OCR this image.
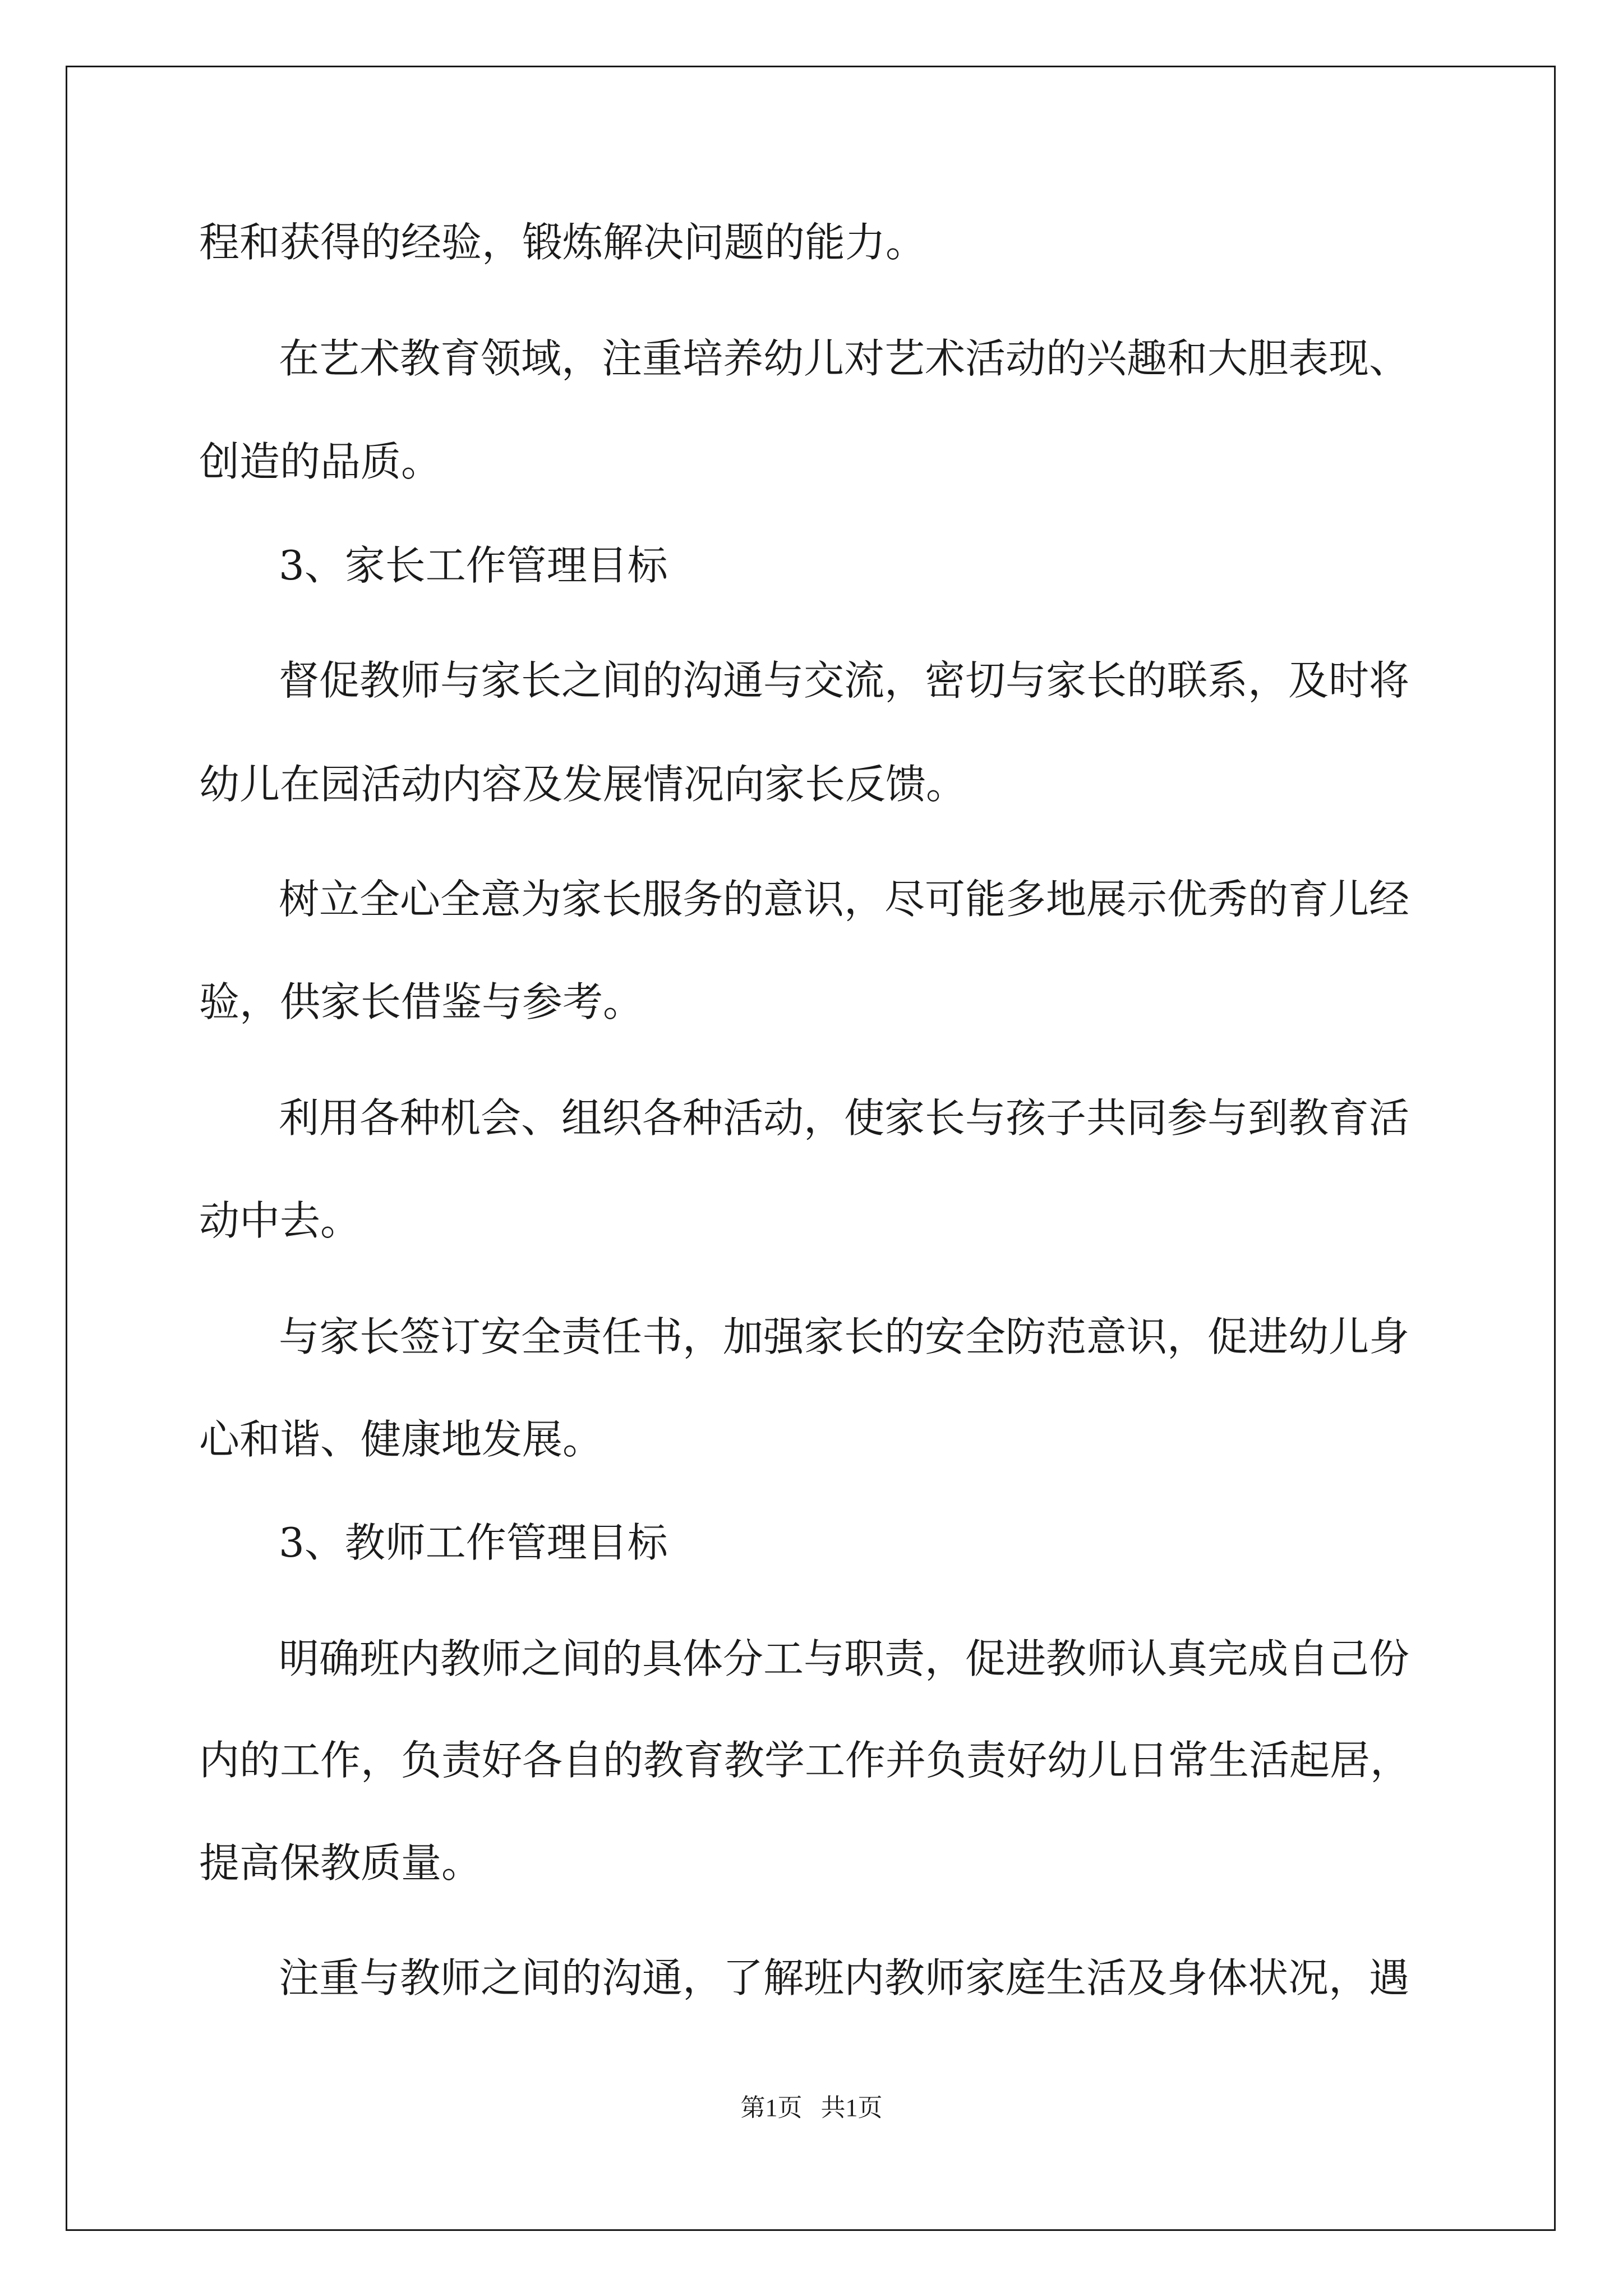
程和获得的经验，锻炼解决问题的能力。

在艺术教育领域，注重培养幼儿对艺术活动的兴趣和大胆表现、

创造的品质。

3、家长工作管理目标

督促教师与家长之间的沟通与交流，密切与家长的联系，及时将

幼儿在园活动内容及发展情况向家长反馈。

树立全心全意为家长服务的意识，尽可能多地展示优秀的育儿经

验，供家长借鉴与参考。

利用各种机会、组织各种活动，使家长与孩子共同参与到教育活

动中去。

与家长签订安全责任书，加强家长的安全防范意识，促进幼儿身

心和谐、健康地发展。

3、教师工作管理目标

明确班内教师之间的具体分工与职责，促进教师认真完成自己份

内的工作，负责好各自的教育教学工作并负责好幼儿日常生活起居，

提高保教质量。

注重与教师之间的沟通，了解班内教师家庭生活及身体状况，遇

第1页   共1页
